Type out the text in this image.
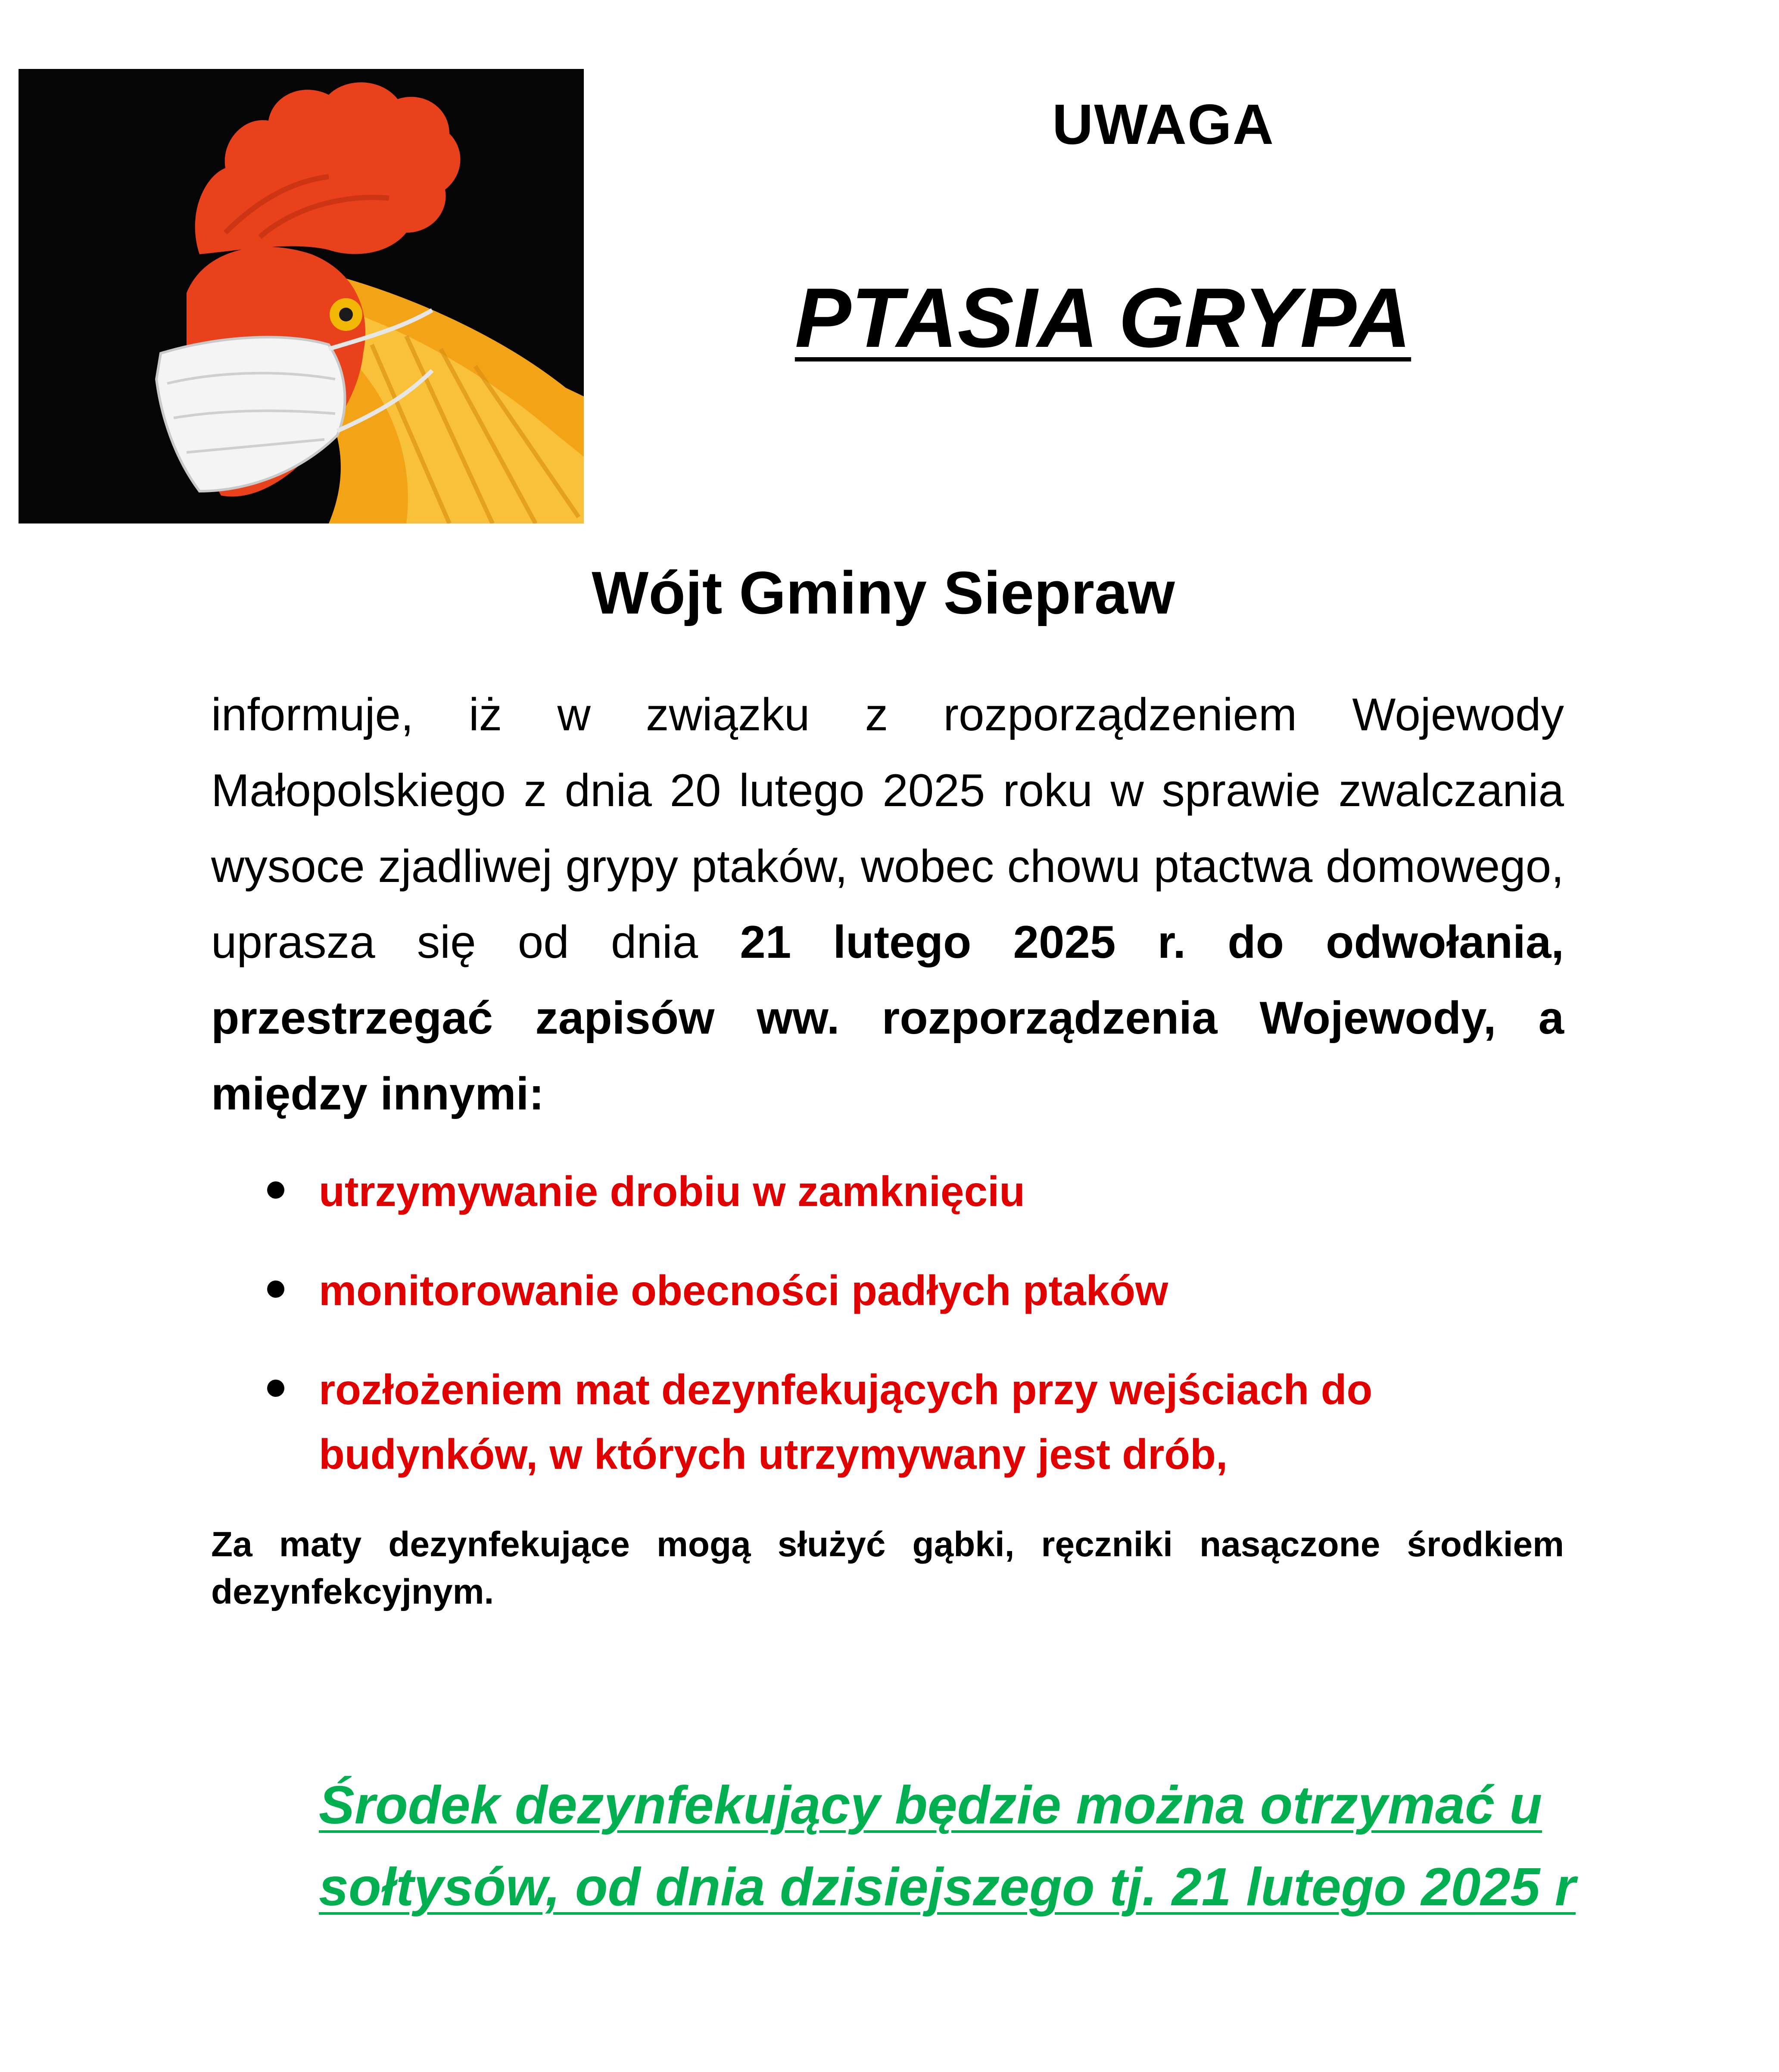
UWAGA
PTASIA GRYPA
Wójt Gminy Siepraw

informuje, iż w związku z rozporządzeniem Wojewody Małopolskiego z dnia 20 lutego 2025 roku w sprawie zwalczania wysoce zjadliwej grypy ptaków, wobec chowu ptactwa domowego, uprasza się od dnia 21 lutego 2025 r. do odwołania, przestrzegać zapisów ww. rozporządzenia Wojewody, a między innymi:

utrzymywanie drobiu w zamknięciu
monitorowanie obecności padłych ptaków
rozłożeniem mat dezynfekujących przy wejściach do budynków, w których utrzymywany jest drób,

Za maty dezynfekujące mogą służyć gąbki, ręczniki nasączone środkiem dezynfekcyjnym.

Środek dezynfekujący będzie można otrzymać u sołtysów, od dnia dzisiejszego tj. 21 lutego 2025 r
